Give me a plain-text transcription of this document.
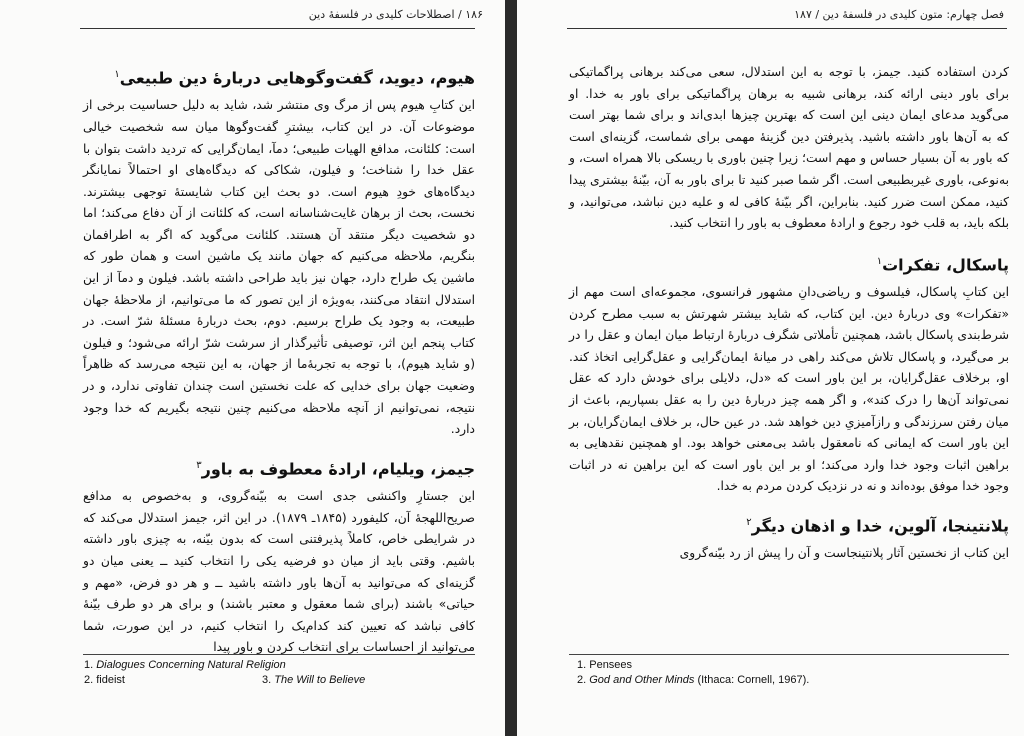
۱۸۶ / اصطلاحات کلیدی در فلسفهٔ دین
هیوم، دیوید، گفت‌وگوهایی دربارهٔ دین طبیعی$^۱$

این کتابِ هیوم پس از مرگ وی منتشر شد، شاید به دلیل حساسیت برخی از موضوعات آن. در این کتاب، بیشترِ گفت‌وگوها میان سه شخصیت خیالی است: کلئانت، مدافع الهیات طبیعی؛ دمآ، ایمان‌گرایی که تردید داشت بتوان با عقل خدا را شناخت؛ و فیلون، شکاکی که دیدگاه‌های او احتمالاً نمایانگر دیدگاه‌های خودِ هیوم است. دو بحث این کتاب شایستهٔ توجهی بیشترند. نخست، بحث از برهان غایت‌شناسانه است، که کلئانت از آن دفاع می‌کند؛ اما دو شخصیت دیگر منتقد آن هستند. کلئانت می‌گوید که اگر به اطرافمان بنگریم، ملاحظه می‌کنیم که جهان مانند یک ماشین است و همان طور که ماشین یک طراح دارد، جهان نیز باید طراحی داشته باشد. فیلون و دمآ از این استدلال انتقاد می‌کنند، به‌ویژه از این تصور که ما می‌توانیم، از ملاحظهٔ جهان طبیعت، به وجود یک طراح برسیم. دوم، بحث دربارهٔ مسئلهٔ شرّ است. در کتاب پنجم این اثر، توصیفی تأثیرگذار از سرشت شرّ ارائه می‌شود؛ و فیلون (و شاید هیوم)، با توجه به تجربهٔ‌ما از جهان، به این نتیجه می‌رسد که ظاهراً وضعیت جهان برای خدایی که علت نخستین است چندان تفاوتی ندارد، و در نتیجه، نمی‌توانیم از آنچه ملاحظه می‌کنیم چنین نتیجه بگیریم که خدا وجود دارد.

جیمز، ویلیام، ارادهٔ معطوف به باور$^۳$

این جستارِ واکنشی جدی است به بیّنه‌گروی، و به‌خصوص به مدافع صریح‌اللهجهٔ آن، کلیفورد (۱۸۴۵ـ ۱۸۷۹). در این اثر، جیمز استدلال می‌کند که در شرایطی خاص، کاملاً پذیرفتنی است که بدون بیّنه، به چیزی باور داشته باشیم. وقتی باید از میان دو فرضیه یکی را انتخاب کنید ــ یعنی میان دو گزینه‌ای که می‌توانید به آن‌ها باور داشته باشید ــ و هر دو فرض، «مهم و حیاتی» باشند (برای شما معقول و معتبر باشند) و برای هر دو طرف بیّنهٔ کافی نباشد که تعیین کند کدام‌یک را انتخاب کنیم، در این صورت، شما می‌توانید از احساسات برای انتخاب کردن و باور پیدا

1. Dialogues Concerning Natural Religion
2. fideist	3. The Will to Believe
فصل چهارم: متون کلیدی در فلسفهٔ دین / ۱۸۷

کردن استفاده کنید. جیمز، با توجه به این استدلال، سعی می‌کند برهانی پراگماتیکی برای باور دینی ارائه کند، برهانی شبیه به برهان پراگماتیکی برای باور به خدا. او می‌گوید مدعای ایمان دینی این است که بهترین چیزها ابدی‌اند و برای شما بهتر است که به آن‌ها باور داشته باشید. پذیرفتن دین گزینهٔ مهمی برای شماست، گزینه‌ای است که باور به آن بسیار حساس و مهم است؛ زیرا چنین باوری با ریسکی بالا همراه است، و به‌نوعی، باوری غیربطبیعی است. اگر شما صبر کنید تا برای باور به آن، بیّنهٔ بیشتری پیدا کنید، ممکن است ضرر کنید. بنابراین، اگر بیّنهٔ کافی له و علیه دین نباشد، می‌توانید، و بلکه باید، به قلب خود رجوع و ارادهٔ معطوف به باور را انتخاب کنید.

پاسکال، تفکرات$^۱$

این کتابِ پاسکال، فیلسوف و ریاضی‌دانِ مشهور فرانسوی، مجموعه‌ای است مهم از «تفکرات» وی دربارهٔ دین. این کتاب، که شاید بیشتر شهرتش به سبب مطرح کردن شرط‌بندی پاسکال باشد، همچنین تأملاتی شگرف دربارهٔ ارتباط میان ایمان و عقل را در بر می‌گیرد، و پاسکال تلاش می‌کند راهی در میانهٔ ایمان‌گرایی و عقل‌گرایی اتخاذ کند. او، برخلاف عقل‌گرایان، بر این باور است که «دل، دلایلی برای خودش دارد که عقل نمی‌تواند آن‌ها را درک کند»، و اگر همه چیز دربارهٔ دین را به عقل بسپاریم، باعث از میان رفتن سرزندگی و رازآمیزیِ دین خواهد شد. در عین حال، بر خلاف ایمان‌گرایان، بر این باور است که ایمانی که نامعقول باشد بی‌معنی خواهد بود. او همچنین نقدهایی به براهین اثبات وجود خدا وارد می‌کند؛ او بر این باور است که این براهین نه در اثبات وجود خدا موفق بوده‌اند و نه در نزدیک کردن مردم به خدا.

پلانتینجا، آلوین، خدا و اذهان دیگر$^۲$

این کتاب از نخستین آثار پلانتینجاست و آن را پیش از رد بیّنه‌گروی

1. Pensees
2. God and Other Minds (Ithaca: Cornell, 1967).
